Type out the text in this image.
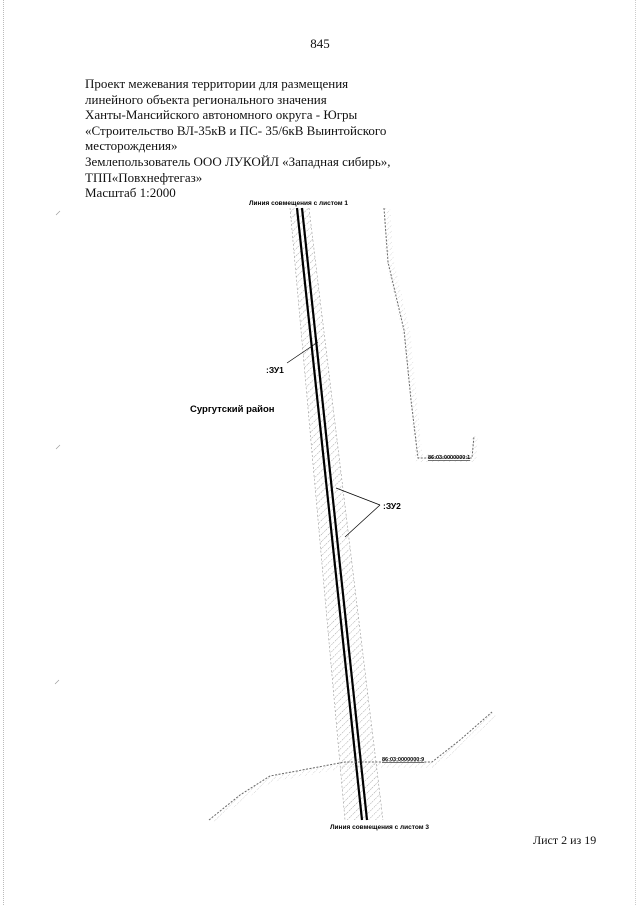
845
Проект межевания территории для размещения
линейного объекта регионального значения
Ханты-Мансийского автономного округа - Югры
«Строительство ВЛ-35кВ и ПС- 35/6кВ Выинтойского
месторождения»
Землепользователь ООО ЛУКОЙЛ «Западная сибирь»,
ТПП«Повхнефтегаз»
Масштаб 1:2000
Линия совмещения с листом 1
Линия совмещения с листом 3
:ЗУ1
:ЗУ2
Сургутский район
86:03:0000000:1
86:03:0000000:9
Лист 2 из 19
